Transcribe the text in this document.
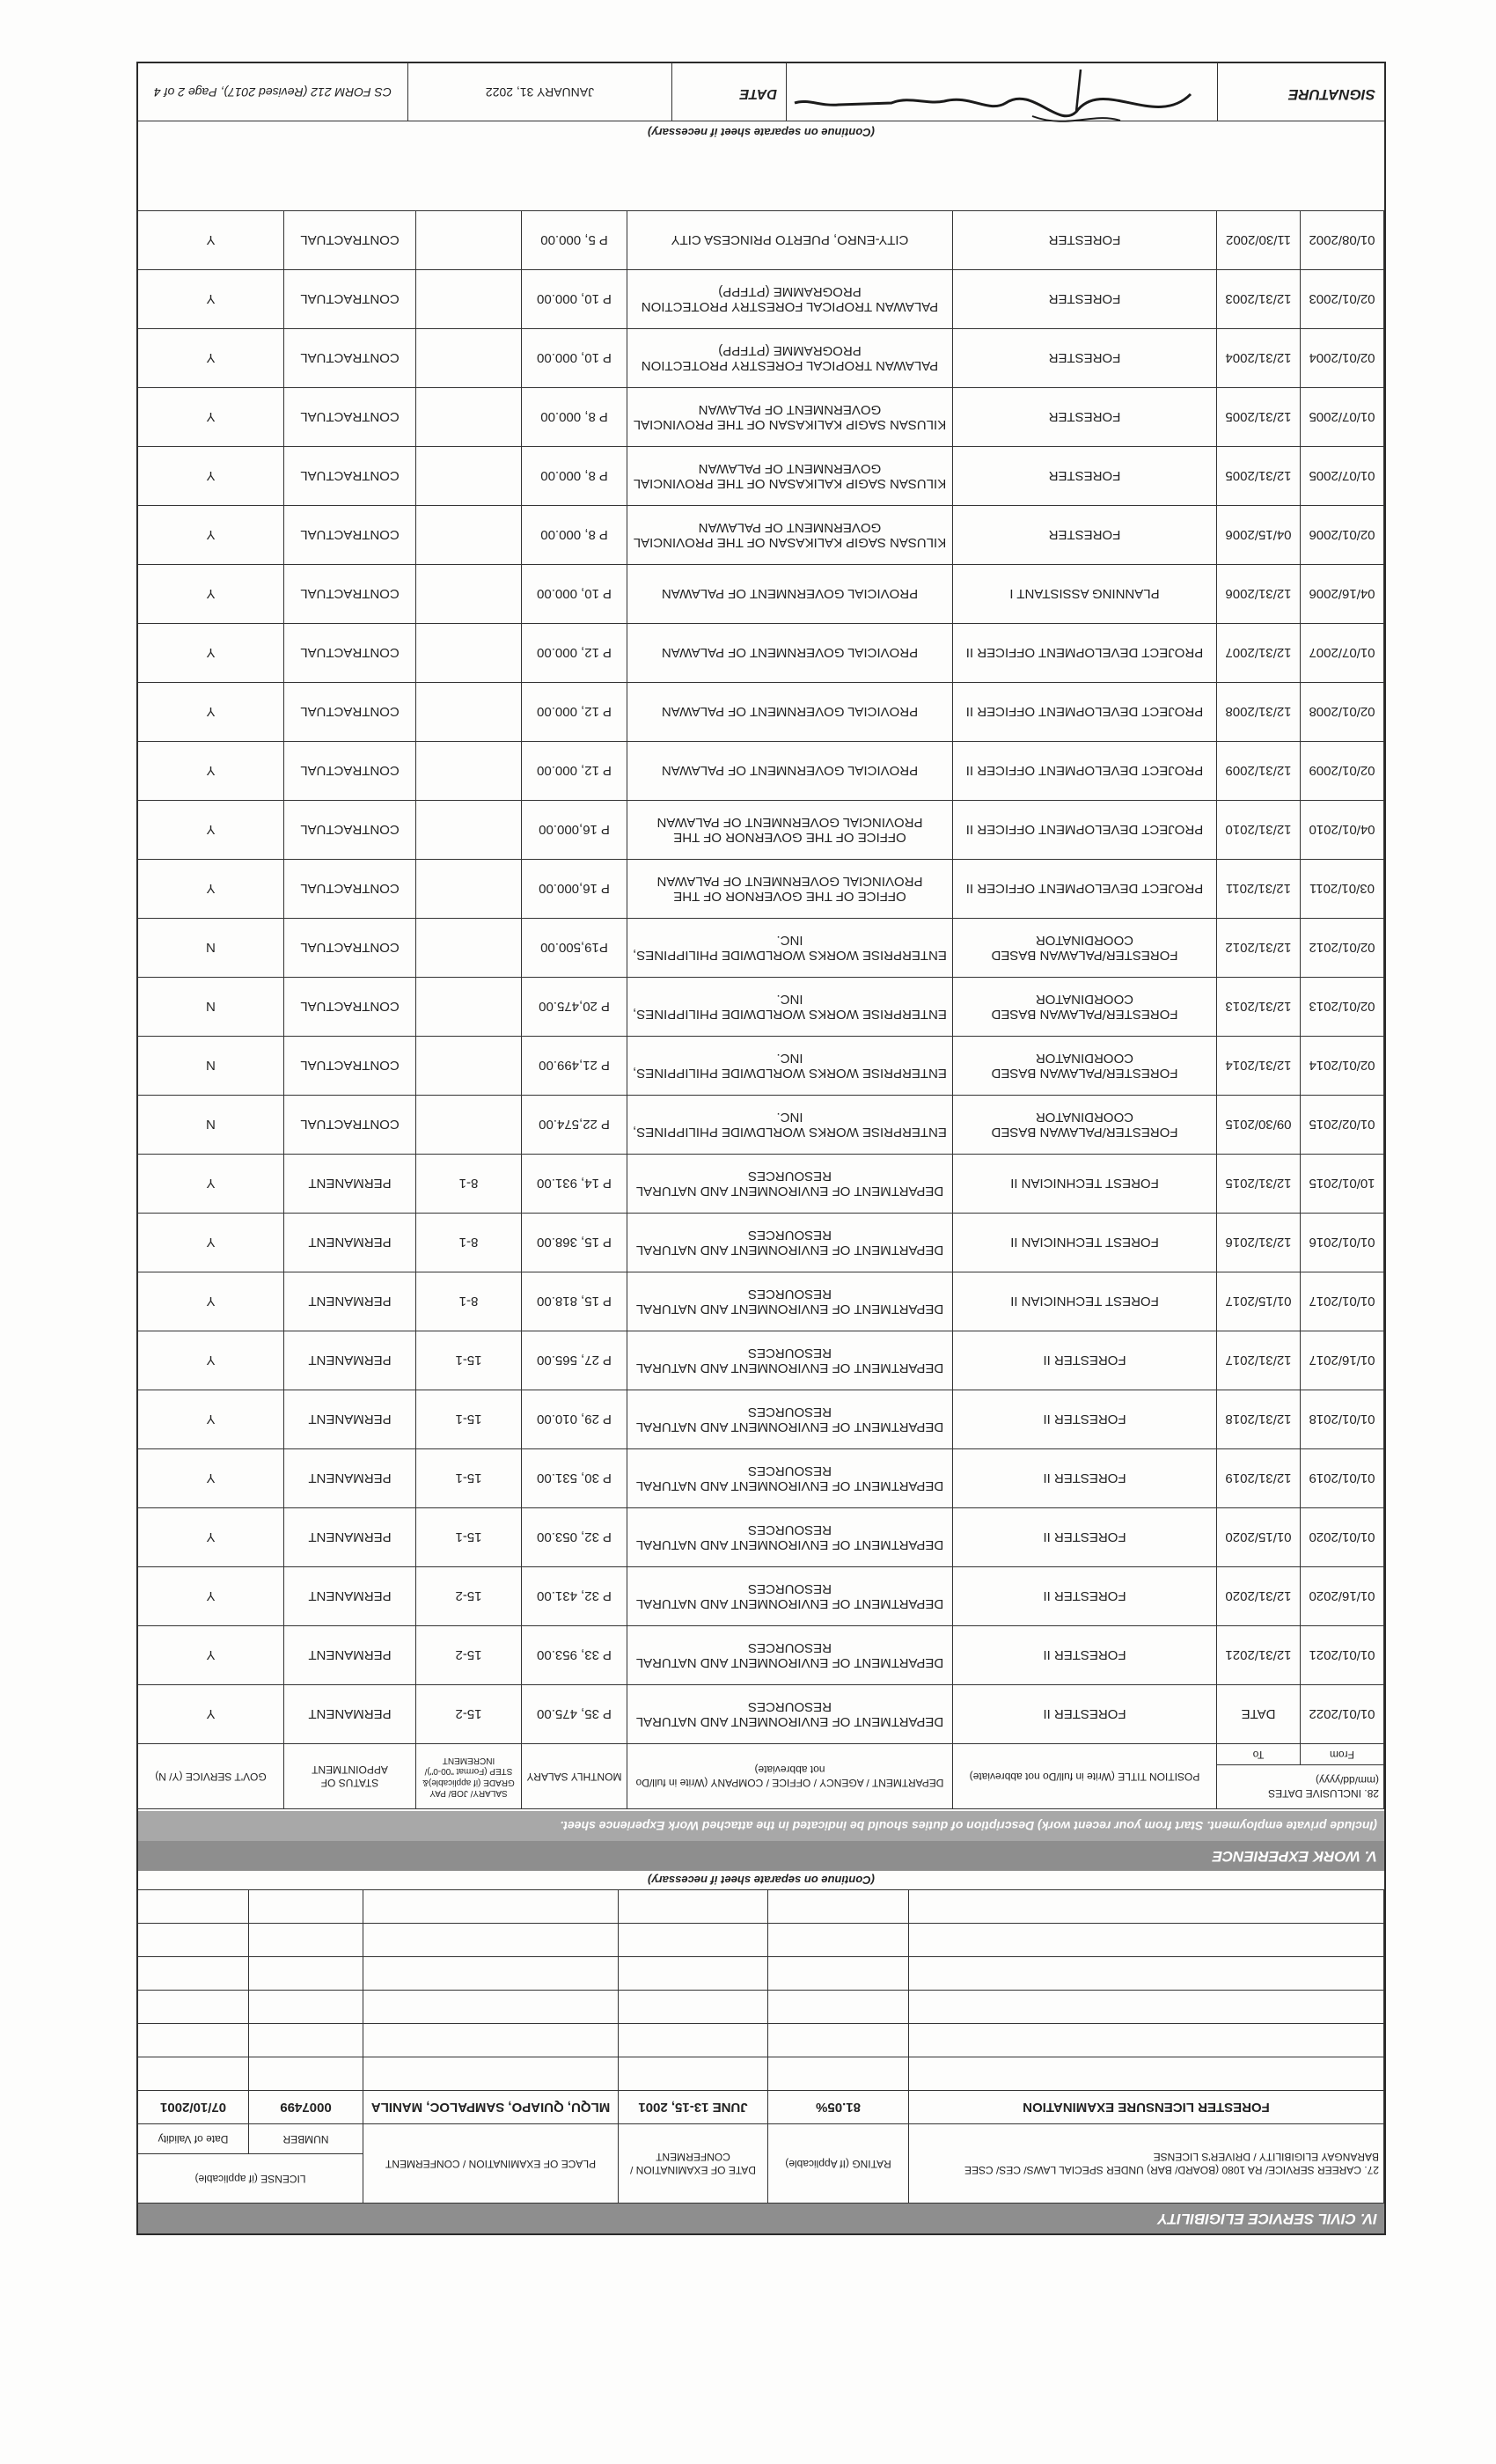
IV. CIVIL SERVICE ELIGIBILITY
27. CAREER SERVICE/ RA 1080 (BOARD/ BAR) UNDER SPECIAL LAWS/ CES/ CSEE BARANGAY ELIGIBILITY / DRIVER'S LICENSE	RATING (If Applicable)	DATE OF EXAMINATION / CONFERMENT	PLACE OF EXAMINATION / CONFERMENT	LICENSE (if applicable)	
				NUMBER	Date of Validity
FORESTER LICENSURE EXAMINATION	81.05%	JUNE 13-15, 2001	MLQU, QUIAPO, SAMPALOC, MANILA	0007499	07/10/2001

(Continue on separate sheet if necessary)
V. WORK EXPERIENCE
(Include private employment. Start from your recent work) Description of duties should be indicated in the attached Work Experience sheet.
28. INCLUSIVE DATES (mm/dd/yyyy)		POSITION TITLE (Write in full/Do not abbreviate)	DEPARTMENT / AGENCY / OFFICE / COMPANY (Write in full/Do not abbreviate)	MONTHLY SALARY	SALARY/ JOB/ PAY GRADE (if applicable)& STEP (Format "00-0")/ INCREMENT	STATUS OF APPOINTMENT	GOV'T SERVICE (Y/ N)
From	To						
01/01/2022	DATE	FORESTER II	DEPARTMENT OF ENVIRONMENT AND NATURAL RESOURCES	P 35, 475.00	15-2	PERMANENT	Y
01/01/2021	12/31/2021	FORESTER II	DEPARTMENT OF ENVIRONMENT AND NATURAL RESOURCES	P 33, 953.00	15-2	PERMANENT	Y
01/16/2020	12/31/2020	FORESTER II	DEPARTMENT OF ENVIRONMENT AND NATURAL RESOURCES	P 32, 431.00	15-2	PERMANENT	Y
01/01/2020	01/15/2020	FORESTER II	DEPARTMENT OF ENVIRONMENT AND NATURAL RESOURCES	P 32, 053.00	15-1	PERMANENT	Y
01/01/2019	12/31/2019	FORESTER II	DEPARTMENT OF ENVIRONMENT AND NATURAL RESOURCES	P 30, 531.00	15-1	PERMANENT	Y
01/01/2018	12/31/2018	FORESTER II	DEPARTMENT OF ENVIRONMENT AND NATURAL RESOURCES	P 29, 010.00	15-1	PERMANENT	Y
01/16/2017	12/31/2017	FORESTER II	DEPARTMENT OF ENVIRONMENT AND NATURAL RESOURCES	P 27, 565.00	15-1	PERMANENT	Y
01/01/2017	01/15/2017	FOREST TECHNICIAN II	DEPARTMENT OF ENVIRONMENT AND NATURAL RESOURCES	P 15, 818.00	8-1	PERMANENT	Y
01/01/2016	12/31/2016	FOREST TECHNICIAN II	DEPARTMENT OF ENVIRONMENT AND NATURAL RESOURCES	P 15, 368.00	8-1	PERMANENT	Y
10/01/2015	12/31/2015	FOREST TECHNICIAN II	DEPARTMENT OF ENVIRONMENT AND NATURAL RESOURCES	P 14, 931.00	8-1	PERMANENT	Y
01/02/2015	09/30/2015	FORESTER/PALAWAN BASED COORDINATOR	ENTERPRISE WORKS WORLDWIDE PHILIPPINES, INC.	P 22,574.00		CONTRACTUAL	N
02/01/2014	12/31/2014	FORESTER/PALAWAN BASED COORDINATOR	ENTERPRISE WORKS WORLDWIDE PHILIPPINES, INC.	P 21,499.00		CONTRACTUAL	N
02/01/2013	12/31/2013	FORESTER/PALAWAN BASED COORDINATOR	ENTERPRISE WORKS WORLDWIDE PHILIPPINES, INC.	P 20,475.00		CONTRACTUAL	N
02/01/2012	12/31/2012	FORESTER/PALAWAN BASED COORDINATOR	ENTERPRISE WORKS WORLDWIDE PHILIPPINES, INC.	P19,500.00		CONTRACTUAL	N
03/01/2011	12/31/2011	PROJECT DEVELOPMENT OFFICER II	OFFICE OF THE GOVERNOR OF THE PROVINCIAL GOVERNMENT OF PALAWAN	P 16,000.00		CONTRACTUAL	Y
04/01/2010	12/31/2010	PROJECT DEVELOPMENT OFFICER II	OFFICE OF THE GOVERNOR OF THE PROVINCIAL GOVERNMENT OF PALAWAN	P 16,000.00		CONTRACTUAL	Y
02/01/2009	12/31/2009	PROJECT DEVELOPMENT OFFICER II	PROVICIAL GOVERNMENT OF PALAWAN	P 12, 000.00		CONTRACTUAL	Y
02/01/2008	12/31/2008	PROJECT DEVELOPMENT OFFICER II	PROVICIAL GOVERNMENT OF PALAWAN	P 12, 000.00		CONTRACTUAL	Y
01/07/2007	12/31/2007	PROJECT DEVELOPMENT OFFICER II	PROVICIAL GOVERNMENT OF PALAWAN	P 12, 000.00		CONTRACTUAL	Y
04/16/2006	12/31/2006	PLANNING ASSISTANT I	PROVICIAL GOVERNMENT OF PALAWAN	P 10, 000.00		CONTRACTUAL	Y
02/01/2006	04/15/2006	FORESTER	KILUSAN SAGIP KALIKASAN OF THE PROVINCIAL GOVERNMENT OF PALAWAN	P 8, 000.00		CONTRACTUAL	Y
01/07/2005	12/31/2005	FORESTER	KILUSAN SAGIP KALIKASAN OF THE PROVINCIAL GOVERNMENT OF PALAWAN	P 8, 000.00		CONTRACTUAL	Y
01/07/2005	12/31/2005	FORESTER	KILUSAN SAGIP KALIKASAN OF THE PROVINCIAL GOVERNMENT OF PALAWAN	P 8, 000.00		CONTRACTUAL	Y
02/01/2004	12/31/2004	FORESTER	PALAWAN TROPICAL FORESTRY PROTECTION PROGRAMME (PTFPP)	P 10, 000.00		CONTRACTUAL	Y
02/01/2003	12/31/2003	FORESTER	PALAWAN TROPICAL FORESTRY PROTECTION PROGRAMME (PTFPP)	P 10, 000.00		CONTRACTUAL	Y
01/08/2002	11/30/2002	FORESTER	CITY-ENRO, PUERTO PRINCESA CITY	P 5, 000.00		CONTRACTUAL	Y
(Continue on separate sheet if necessary)
SIGNATURE
DATE
JANUARY 31, 2022
CS FORM 212 (Revised 2017), Page 2 of 4
